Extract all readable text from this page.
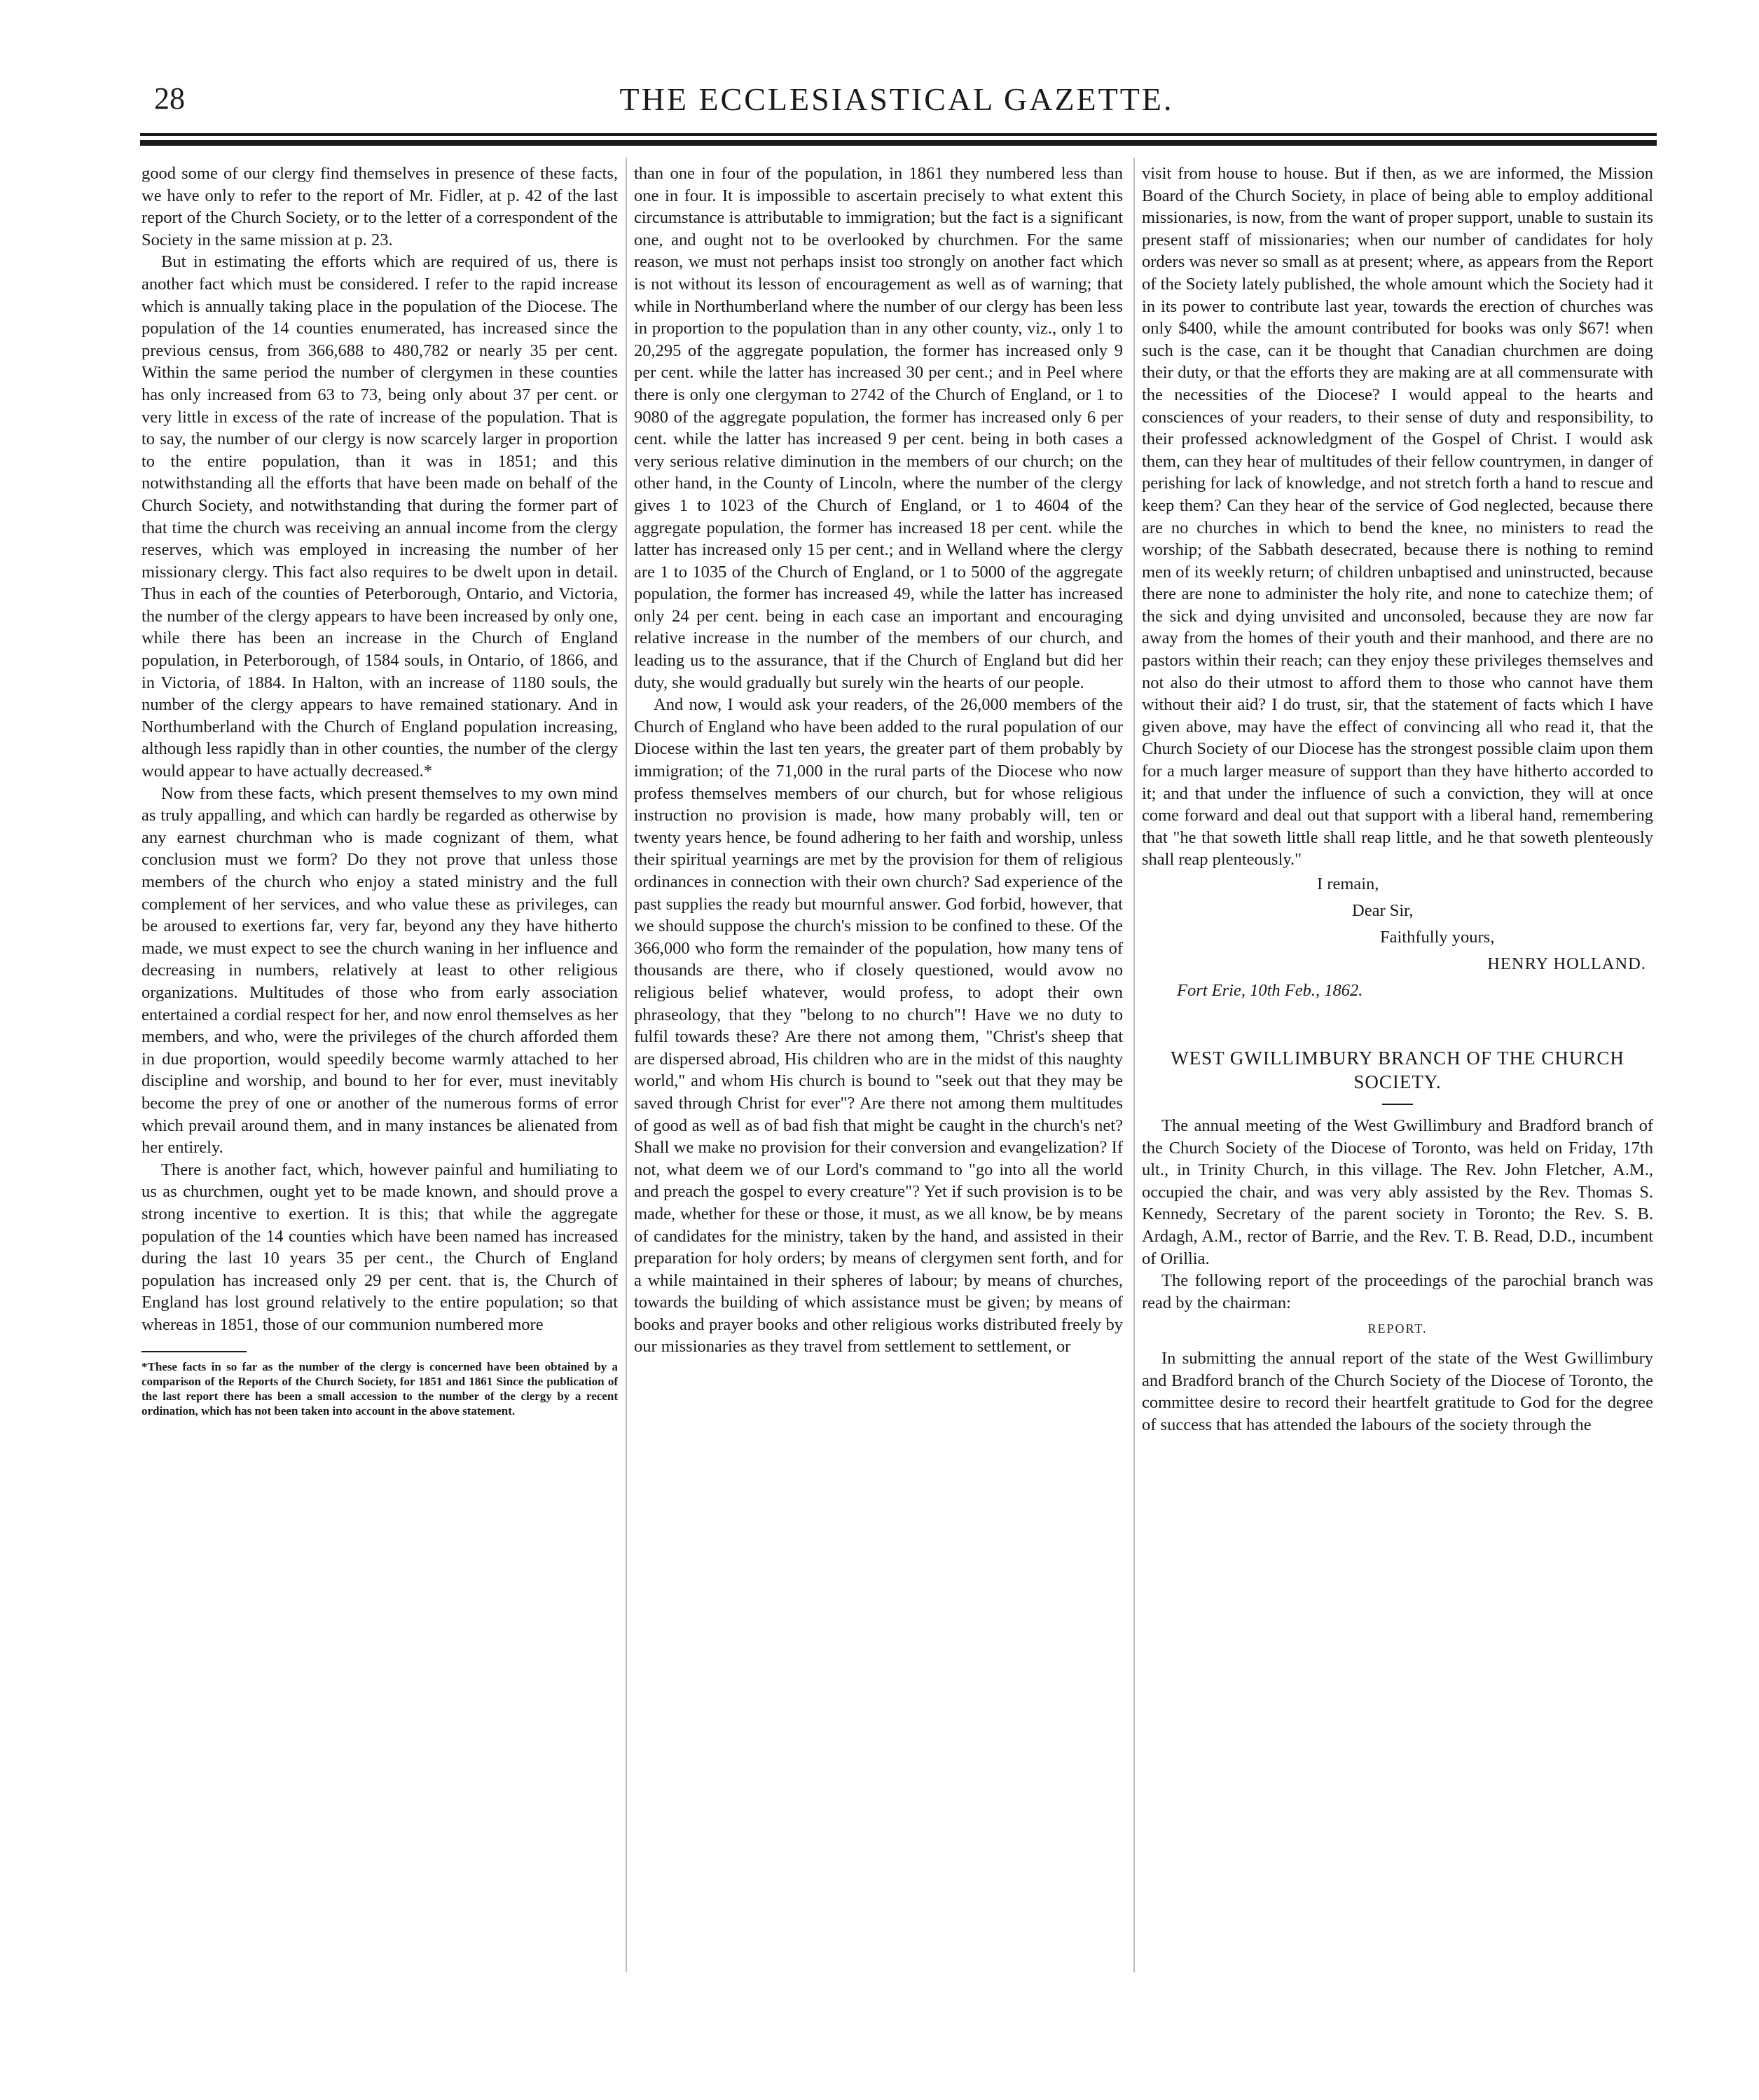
28	THE ECCLESIASTICAL GAZETTE.

good some of our clergy find themselves in presence of these facts, we have only to refer to the report of Mr. Fidler, at p. 42 of the last report of the Church Society, or to the letter of a correspondent of the Society in the same mission at p. 23.

But in estimating the efforts which are required of us, there is another fact which must be considered. I refer to the rapid increase which is annually taking place in the population of the Diocese. The population of the 14 counties enumerated, has increased since the previous census, from 366,688 to 480,782 or nearly 35 per cent. Within the same period the number of clergymen in these counties has only increased from 63 to 73, being only about 37 per cent. or very little in excess of the rate of increase of the population. That is to say, the number of our clergy is now scarcely larger in proportion to the entire population, than it was in 1851; and this notwithstanding all the efforts that have been made on behalf of the Church Society, and notwithstanding that during the former part of that time the church was receiving an annual income from the clergy reserves, which was employed in increasing the number of her missionary clergy. This fact also requires to be dwelt upon in detail. Thus in each of the counties of Peterborough, Ontario, and Victoria, the number of the clergy appears to have been increased by only one, while there has been an increase in the Church of England population, in Peterborough, of 1584 souls, in Ontario, of 1866, and in Victoria, of 1884. In Halton, with an increase of 1180 souls, the number of the clergy appears to have remained stationary. And in Northumberland with the Church of England population increasing, although less rapidly than in other counties, the number of the clergy would appear to have actually decreased.*

Now from these facts, which present themselves to my own mind as truly appalling, and which can hardly be regarded as otherwise by any earnest churchman who is made cognizant of them, what conclusion must we form? Do they not prove that unless those members of the church who enjoy a stated ministry and the full complement of her services, and who value these as privileges, can be aroused to exertions far, very far, beyond any they have hitherto made, we must expect to see the church waning in her influence and decreasing in numbers, relatively at least to other religious organizations. Multitudes of those who from early association entertained a cordial respect for her, and now enrol themselves as her members, and who, were the privileges of the church afforded them in due proportion, would speedily become warmly attached to her discipline and worship, and bound to her for ever, must inevitably become the prey of one or another of the numerous forms of error which prevail around them, and in many instances be alienated from her entirely.

There is another fact, which, however painful and humiliating to us as churchmen, ought yet to be made known, and should prove a strong incentive to exertion. It is this; that while the aggregate population of the 14 counties which have been named has increased during the last 10 years 35 per cent., the Church of England population has increased only 29 per cent. that is, the Church of England has lost ground relatively to the entire population; so that whereas in 1851, those of our communion numbered more

*These facts in so far as the number of the clergy is concerned have been obtained by a comparison of the Reports of the Church Society, for 1851 and 1861 Since the publication of the last report there has been a small accession to the number of the clergy by a recent ordination, which has not been taken into account in the above statement.

than one in four of the population, in 1861 they numbered less than one in four. It is impossible to ascertain precisely to what extent this circumstance is attributable to immigration; but the fact is a significant one, and ought not to be overlooked by churchmen. For the same reason, we must not perhaps insist too strongly on another fact which is not without its lesson of encouragement as well as of warning; that while in Northumberland where the number of our clergy has been less in proportion to the population than in any other county, viz., only 1 to 20,295 of the aggregate population, the former has increased only 9 per cent. while the latter has increased 30 per cent.; and in Peel where there is only one clergyman to 2742 of the Church of England, or 1 to 9080 of the aggregate population, the former has increased only 6 per cent. while the latter has increased 9 per cent. being in both cases a very serious relative diminution in the members of our church; on the other hand, in the County of Lincoln, where the number of the clergy gives 1 to 1023 of the Church of England, or 1 to 4604 of the aggregate population, the former has increased 18 per cent. while the latter has increased only 15 per cent.; and in Welland where the clergy are 1 to 1035 of the Church of England, or 1 to 5000 of the aggregate population, the former has increased 49, while the latter has increased only 24 per cent. being in each case an important and encouraging relative increase in the number of the members of our church, and leading us to the assurance, that if the Church of England but did her duty, she would gradually but surely win the hearts of our people.

And now, I would ask your readers, of the 26,000 members of the Church of England who have been added to the rural population of our Diocese within the last ten years, the greater part of them probably by immigration; of the 71,000 in the rural parts of the Diocese who now profess themselves members of our church, but for whose religious instruction no provision is made, how many probably will, ten or twenty years hence, be found adhering to her faith and worship, unless their spiritual yearnings are met by the provision for them of religious ordinances in connection with their own church? Sad experience of the past supplies the ready but mournful answer. God forbid, however, that we should suppose the church's mission to be confined to these. Of the 366,000 who form the remainder of the population, how many tens of thousands are there, who if closely questioned, would avow no religious belief whatever, would profess, to adopt their own phraseology, that they "belong to no church"! Have we no duty to fulfil towards these? Are there not among them, "Christ's sheep that are dispersed abroad, His children who are in the midst of this naughty world," and whom His church is bound to "seek out that they may be saved through Christ for ever"? Are there not among them multitudes of good as well as of bad fish that might be caught in the church's net? Shall we make no provision for their conversion and evangelization? If not, what deem we of our Lord's command to "go into all the world and preach the gospel to every creature"? Yet if such provision is to be made, whether for these or those, it must, as we all know, be by means of candidates for the ministry, taken by the hand, and assisted in their preparation for holy orders; by means of clergymen sent forth, and for a while maintained in their spheres of labour; by means of churches, towards the building of which assistance must be given; by means of books and prayer books and other religious works distributed freely by our missionaries as they travel from settlement to settlement, or

visit from house to house. But if then, as we are informed, the Mission Board of the Church Society, in place of being able to employ additional missionaries, is now, from the want of proper support, unable to sustain its present staff of missionaries; when our number of candidates for holy orders was never so small as at present; where, as appears from the Report of the Society lately published, the whole amount which the Society had it in its power to contribute last year, towards the erection of churches was only $400, while the amount contributed for books was only $67! when such is the case, can it be thought that Canadian churchmen are doing their duty, or that the efforts they are making are at all commensurate with the necessities of the Diocese? I would appeal to the hearts and consciences of your readers, to their sense of duty and responsibility, to their professed acknowledgment of the Gospel of Christ. I would ask them, can they hear of multitudes of their fellow countrymen, in danger of perishing for lack of knowledge, and not stretch forth a hand to rescue and keep them? Can they hear of the service of God neglected, because there are no churches in which to bend the knee, no ministers to read the worship; of the Sabbath desecrated, because there is nothing to remind men of its weekly return; of children unbaptised and uninstructed, because there are none to administer the holy rite, and none to catechize them; of the sick and dying unvisited and unconsoled, because they are now far away from the homes of their youth and their manhood, and there are no pastors within their reach; can they enjoy these privileges themselves and not also do their utmost to afford them to those who cannot have them without their aid? I do trust, sir, that the statement of facts which I have given above, may have the effect of convincing all who read it, that the Church Society of our Diocese has the strongest possible claim upon them for a much larger measure of support than they have hitherto accorded to it; and that under the influence of such a conviction, they will at once come forward and deal out that support with a liberal hand, remembering that "he that soweth little shall reap little, and he that soweth plenteously shall reap plenteously."

I remain,
Dear Sir,
Faithfully yours,
HENRY HOLLAND.
Fort Erie, 10th Feb., 1862.
WEST GWILLIMBURY BRANCH OF THE CHURCH SOCIETY.

The annual meeting of the West Gwillimbury and Bradford branch of the Church Society of the Diocese of Toronto, was held on Friday, 17th ult., in Trinity Church, in this village. The Rev. John Fletcher, A.M., occupied the chair, and was very ably assisted by the Rev. Thomas S. Kennedy, Secretary of the parent society in Toronto; the Rev. S. B. Ardagh, A.M., rector of Barrie, and the Rev. T. B. Read, D.D., incumbent of Orillia.

The following report of the proceedings of the parochial branch was read by the chairman:

REPORT.

In submitting the annual report of the state of the West Gwillimbury and Bradford branch of the Church Society of the Diocese of Toronto, the committee desire to record their heartfelt gratitude to God for the degree of success that has attended the labours of the society through the
